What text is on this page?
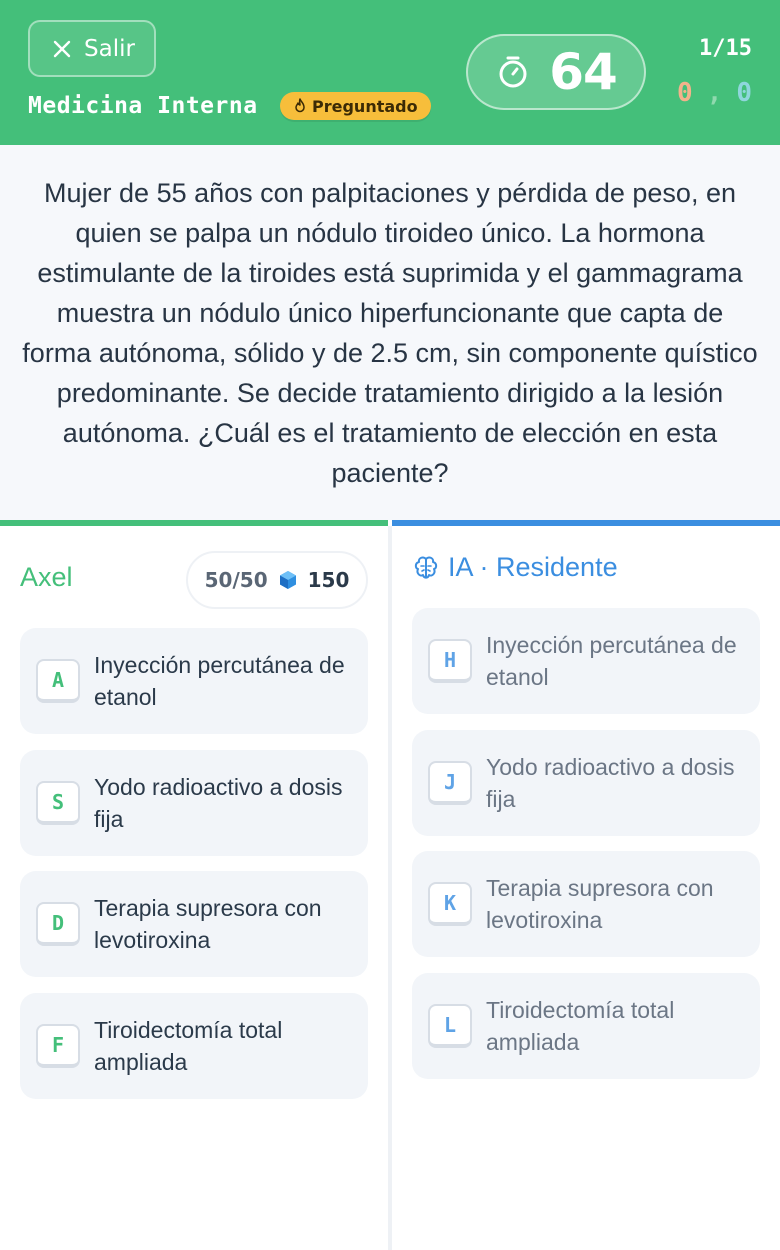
Salir
Medicina Interna	Preguntado
64	1/15
0 , 0

Mujer de 55 años con palpitaciones y pérdida de peso, en quien se palpa un nódulo tiroideo único. La hormona estimulante de la tiroides está suprimida y el gammagrama muestra un nódulo único hiperfuncionante que capta de forma autónoma, sólido y de 2.5 cm, sin componente quístico predominante. Se decide tratamiento dirigido a la lesión autónoma. ¿Cuál es el tratamiento de elección en esta paciente?

Axel	50/50 150	IA · Residente
A
Inyección percutánea de etanol
S
Yodo radioactivo a dosis fija
D
Terapia supresora con levotiroxina
F
Tiroidectomía total ampliada
H
Inyección percutánea de etanol
J
Yodo radioactivo a dosis fija
K
Terapia supresora con levotiroxina
L
Tiroidectomía total ampliada
